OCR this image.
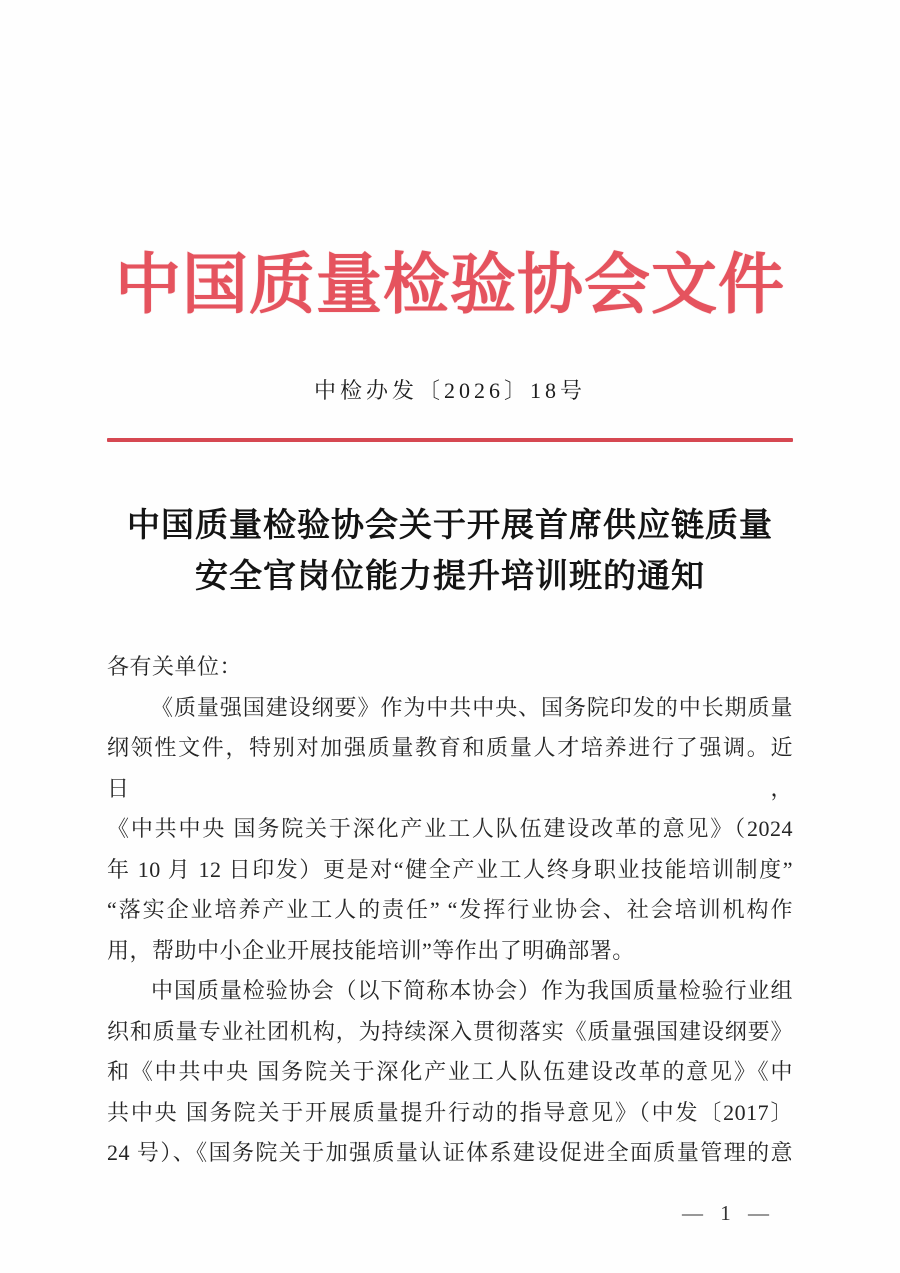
中国质量检验协会文件
中检办发〔2026〕18号
中国质量检验协会关于开展首席供应链质量
安全官岗位能力提升培训班的通知
各有关单位：
《质量强国建设纲要》作为中共中央、国务院印发的中长期质量
纲领性文件，特别对加强质量教育和质量人才培养进行了强调。近日，
《中共中央 国务院关于深化产业工人队伍建设改革的意见》（2024
年 10 月 12 日印发）更是对“健全产业工人终身职业技能培训制度”
“落实企业培养产业工人的责任” “发挥行业协会、社会培训机构作
用，帮助中小企业开展技能培训”等作出了明确部署。
中国质量检验协会（以下简称本协会）作为我国质量检验行业组
织和质量专业社团机构，为持续深入贯彻落实《质量强国建设纲要》
和《中共中央 国务院关于深化产业工人队伍建设改革的意见》《中
共中央 国务院关于开展质量提升行动的指导意见》（中发〔2017〕
24 号）、《国务院关于加强质量认证体系建设促进全面质量管理的意
— 1 —
